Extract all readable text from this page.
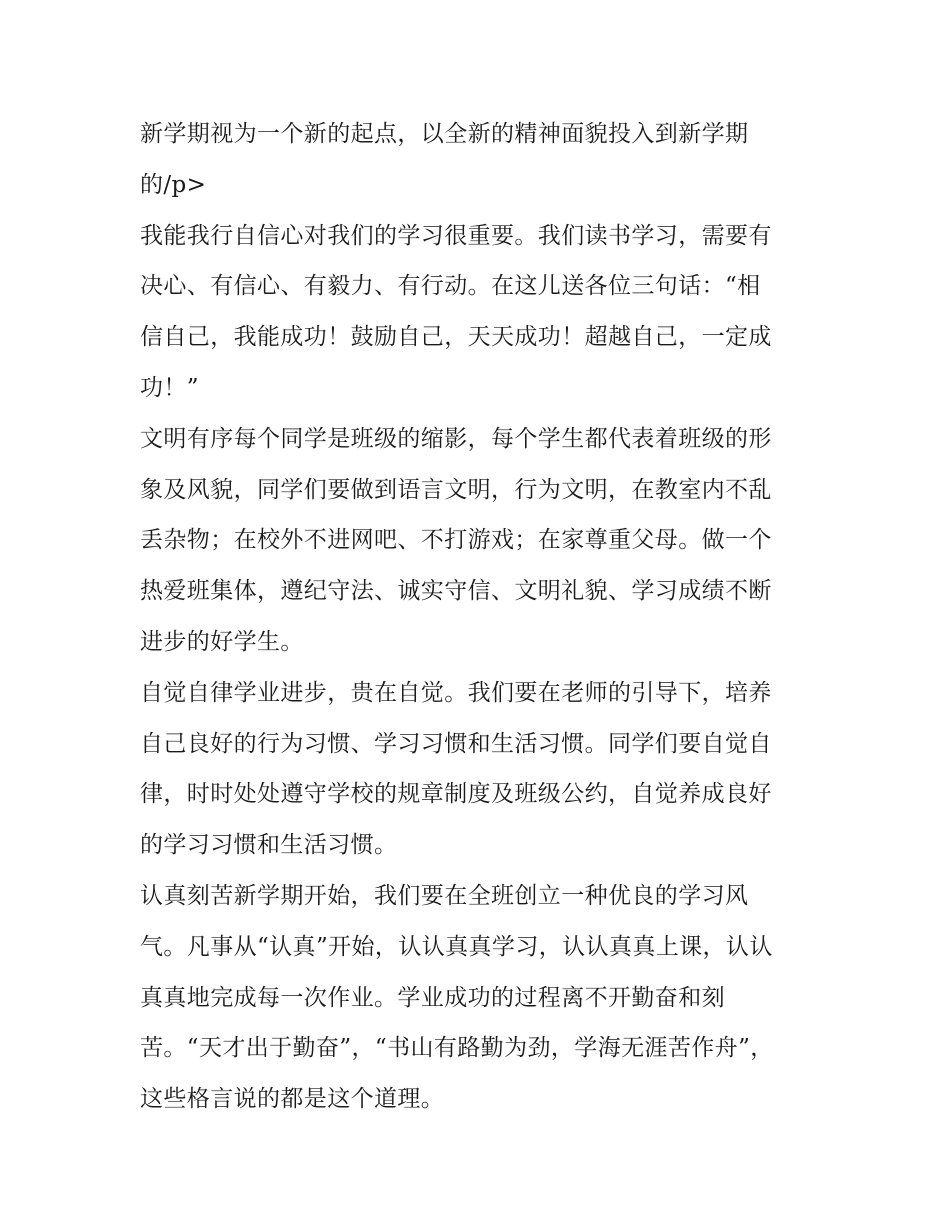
新学期视为一个新的起点，以全新的精神面貌投入到新学期
的/p>

我能我行自信心对我们的学习很重要。我们读书学习，需要有
决心、有信心、有毅力、有行动。在这儿送各位三句话：“相
信自己，我能成功！鼓励自己，天天成功！超越自己，一定成
功！”

文明有序每个同学是班级的缩影，每个学生都代表着班级的形
象及风貌，同学们要做到语言文明，行为文明，在教室内不乱
丢杂物；在校外不进网吧、不打游戏；在家尊重父母。做一个
热爱班集体，遵纪守法、诚实守信、文明礼貌、学习成绩不断
进步的好学生。

自觉自律学业进步，贵在自觉。我们要在老师的引导下，培养
自己良好的行为习惯、学习习惯和生活习惯。同学们要自觉自
律，时时处处遵守学校的规章制度及班级公约，自觉养成良好
的学习习惯和生活习惯。

认真刻苦新学期开始，我们要在全班创立一种优良的学习风
气。凡事从“认真”开始，认认真真学习，认认真真上课，认认
真真地完成每一次作业。学业成功的过程离不开勤奋和刻
苦。“天才出于勤奋”，“书山有路勤为劲，学海无涯苦作舟”，
这些格言说的都是这个道理。
